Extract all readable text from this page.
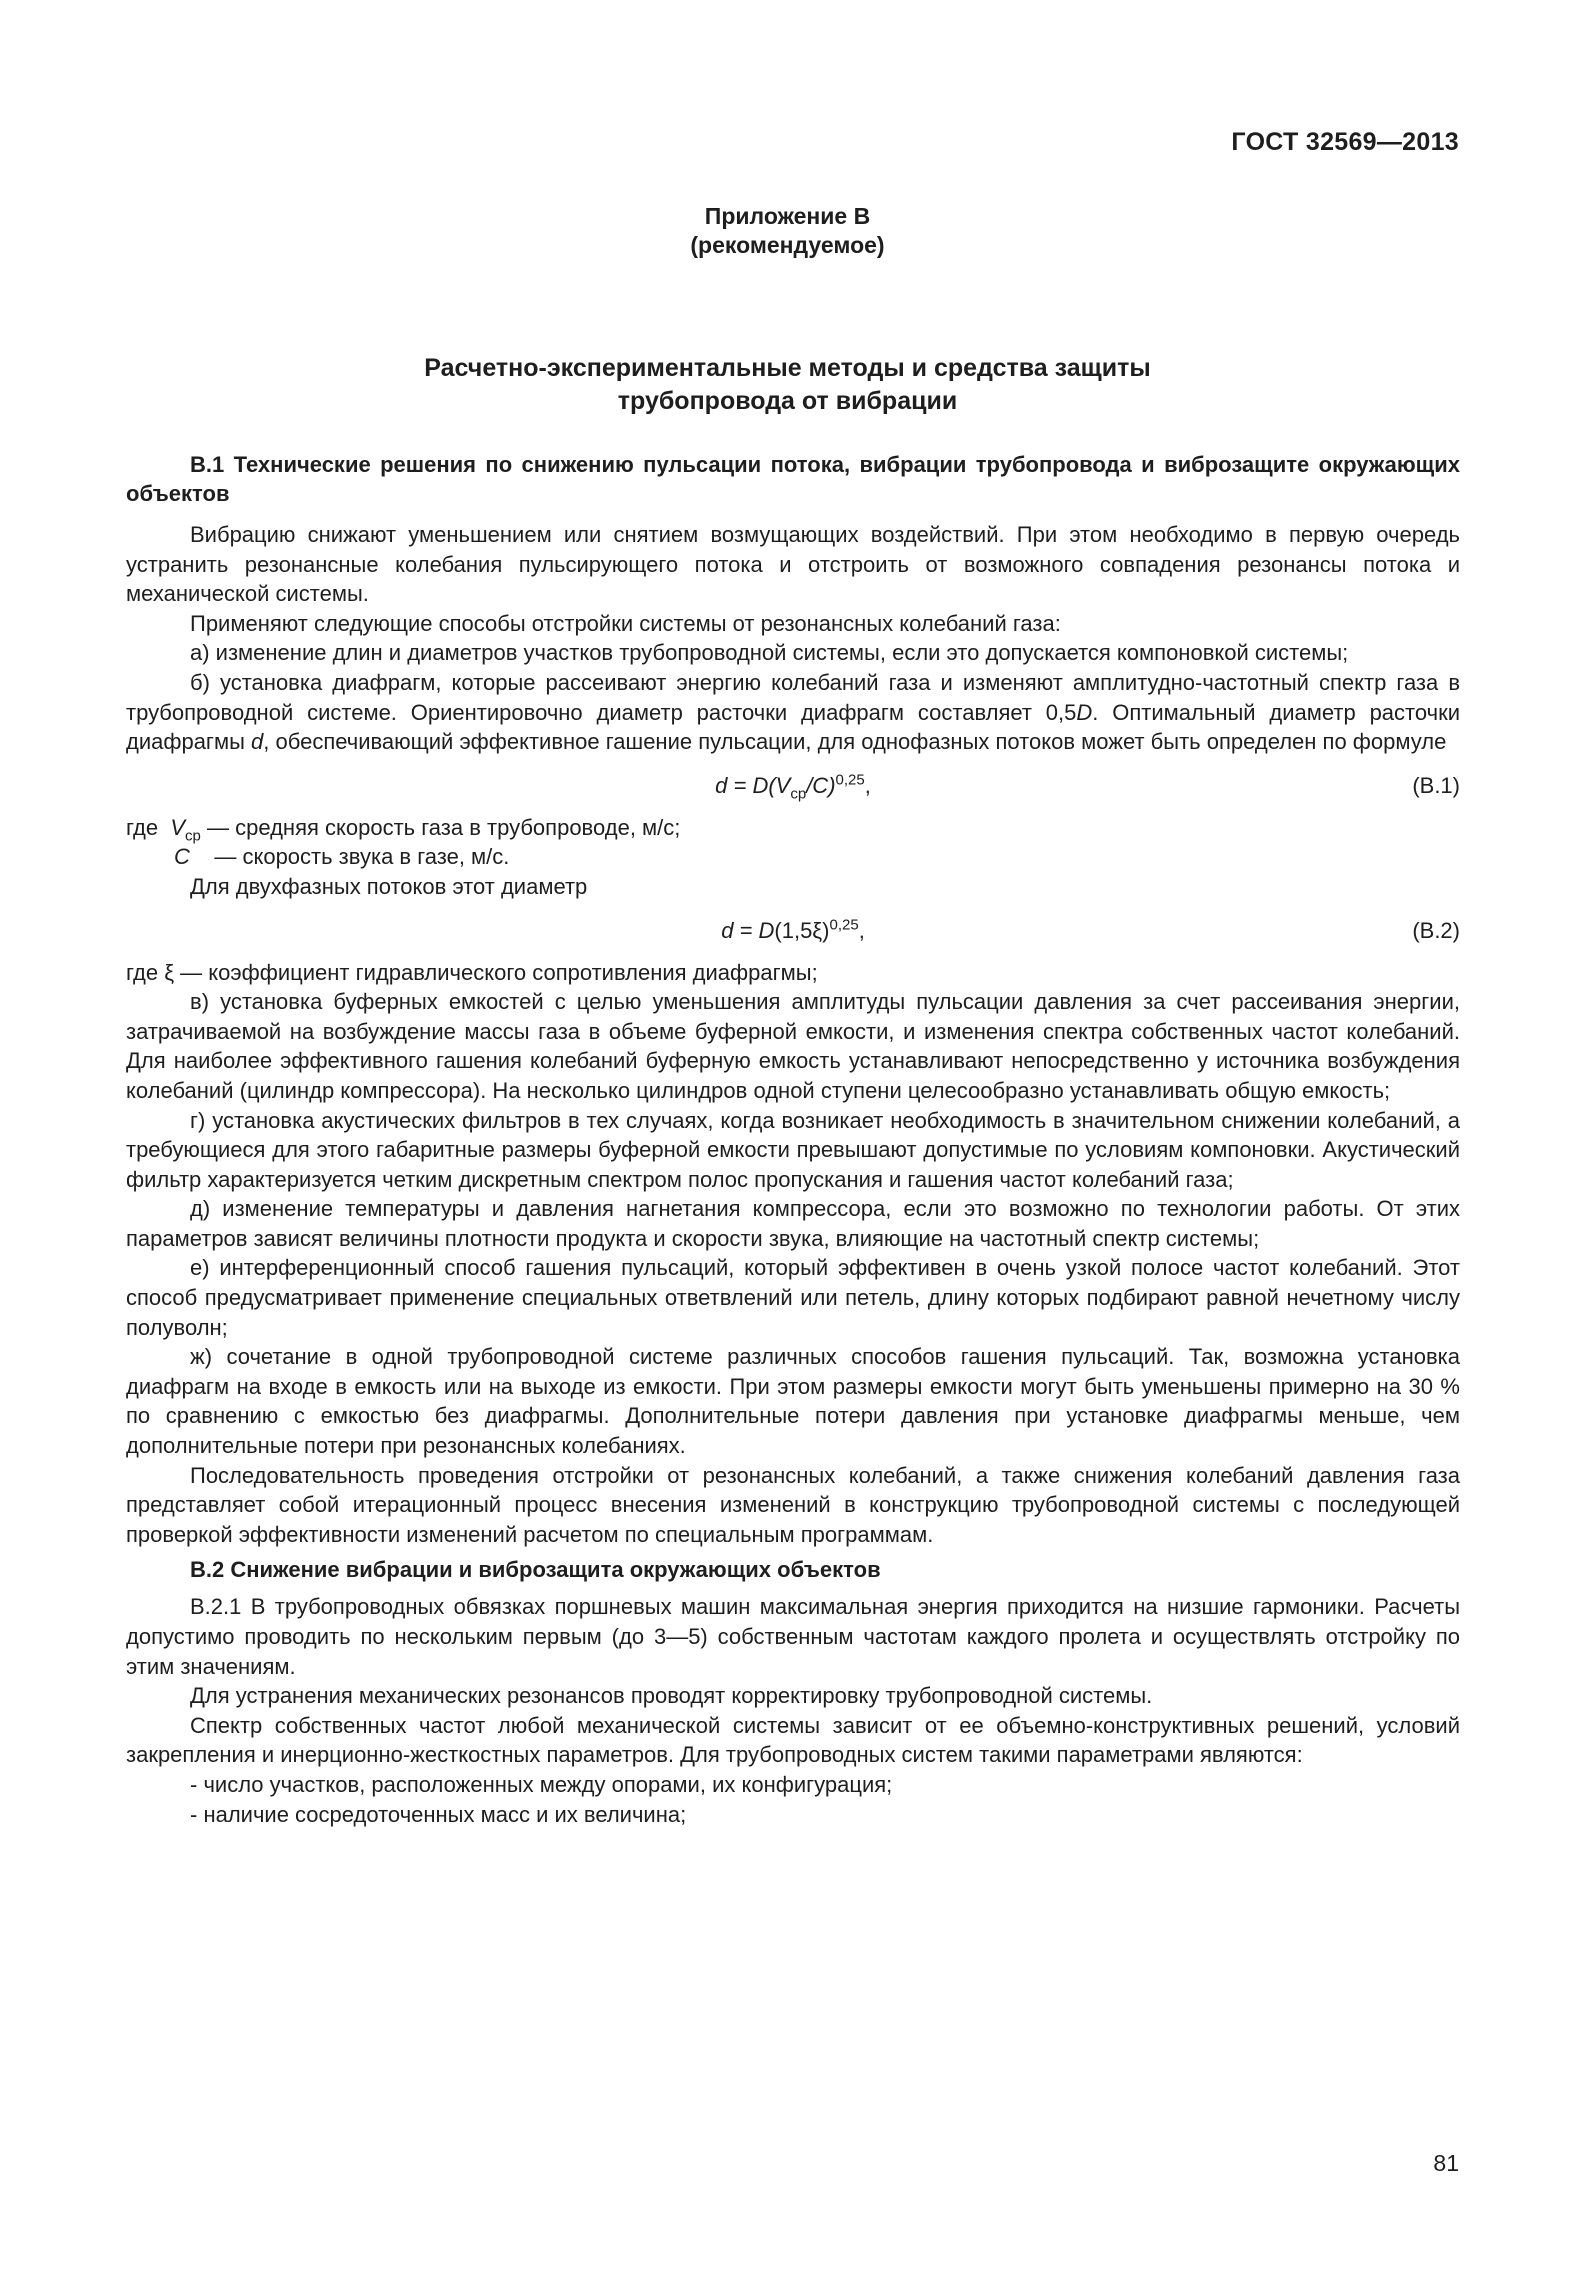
ГОСТ 32569—2013
Приложение В
(рекомендуемое)
Расчетно-экспериментальные методы и средства защиты
трубопровода от вибрации
В.1 Технические решения по снижению пульсации потока, вибрации трубопровода и виброзащите окружающих объектов

Вибрацию снижают уменьшением или снятием возмущающих воздействий. При этом необходимо в первую очередь устранить резонансные колебания пульсирующего потока и отстроить от возможного совпадения резонансы потока и механической системы.

Применяют следующие способы отстройки системы от резонансных колебаний газа:

а) изменение длин и диаметров участков трубопроводной системы, если это допускается компоновкой системы;

б) установка диафрагм, которые рассеивают энергию колебаний газа и изменяют амплитудно-частотный спектр газа в трубопроводной системе. Ориентировочно диаметр расточки диафрагм составляет 0,5D. Оптимальный диаметр расточки диафрагмы d, обеспечивающий эффективное гашение пульсации, для однофазных потоков может быть определен по формуле

$d = D(V_{ср}/C)^{0,25}$,	(В.1)

где $V_{ср}$ — средняя скорость газа в трубопроводе, м/с;

C — скорость звука в газе, м/с.

Для двухфазных потоков этот диаметр

$d = D(1,5\xi)^{0,25}$,	(В.2)

где ξ — коэффициент гидравлического сопротивления диафрагмы;

в) установка буферных емкостей с целью уменьшения амплитуды пульсации давления за счет рассеивания энергии, затрачиваемой на возбуждение массы газа в объеме буферной емкости, и изменения спектра собственных частот колебаний. Для наиболее эффективного гашения колебаний буферную емкость устанавливают непосредственно у источника возбуждения колебаний (цилиндр компрессора). На несколько цилиндров одной ступени целесообразно устанавливать общую емкость;

г) установка акустических фильтров в тех случаях, когда возникает необходимость в значительном снижении колебаний, а требующиеся для этого габаритные размеры буферной емкости превышают допустимые по условиям компоновки. Акустический фильтр характеризуется четким дискретным спектром полос пропускания и гашения частот колебаний газа;

д) изменение температуры и давления нагнетания компрессора, если это возможно по технологии работы. От этих параметров зависят величины плотности продукта и скорости звука, влияющие на частотный спектр системы;

е) интерференционный способ гашения пульсаций, который эффективен в очень узкой полосе частот колебаний. Этот способ предусматривает применение специальных ответвлений или петель, длину которых подбирают равной нечетному числу полуволн;

ж) сочетание в одной трубопроводной системе различных способов гашения пульсаций. Так, возможна установка диафрагм на входе в емкость или на выходе из емкости. При этом размеры емкости могут быть уменьшены примерно на 30 % по сравнению с емкостью без диафрагмы. Дополнительные потери давления при установке диафрагмы меньше, чем дополнительные потери при резонансных колебаниях.

Последовательность проведения отстройки от резонансных колебаний, а также снижения колебаний давления газа представляет собой итерационный процесс внесения изменений в конструкцию трубопроводной системы с последующей проверкой эффективности изменений расчетом по специальным программам.

В.2 Снижение вибрации и виброзащита окружающих объектов

В.2.1 В трубопроводных обвязках поршневых машин максимальная энергия приходится на низшие гармоники. Расчеты допустимо проводить по нескольким первым (до 3—5) собственным частотам каждого пролета и осуществлять отстройку по этим значениям.

Для устранения механических резонансов проводят корректировку трубопроводной системы.

Спектр собственных частот любой механической системы зависит от ее объемно-конструктивных решений, условий закрепления и инерционно-жесткостных параметров. Для трубопроводных систем такими параметрами являются:

- число участков, расположенных между опорами, их конфигурация;

- наличие сосредоточенных масс и их величина;

81
